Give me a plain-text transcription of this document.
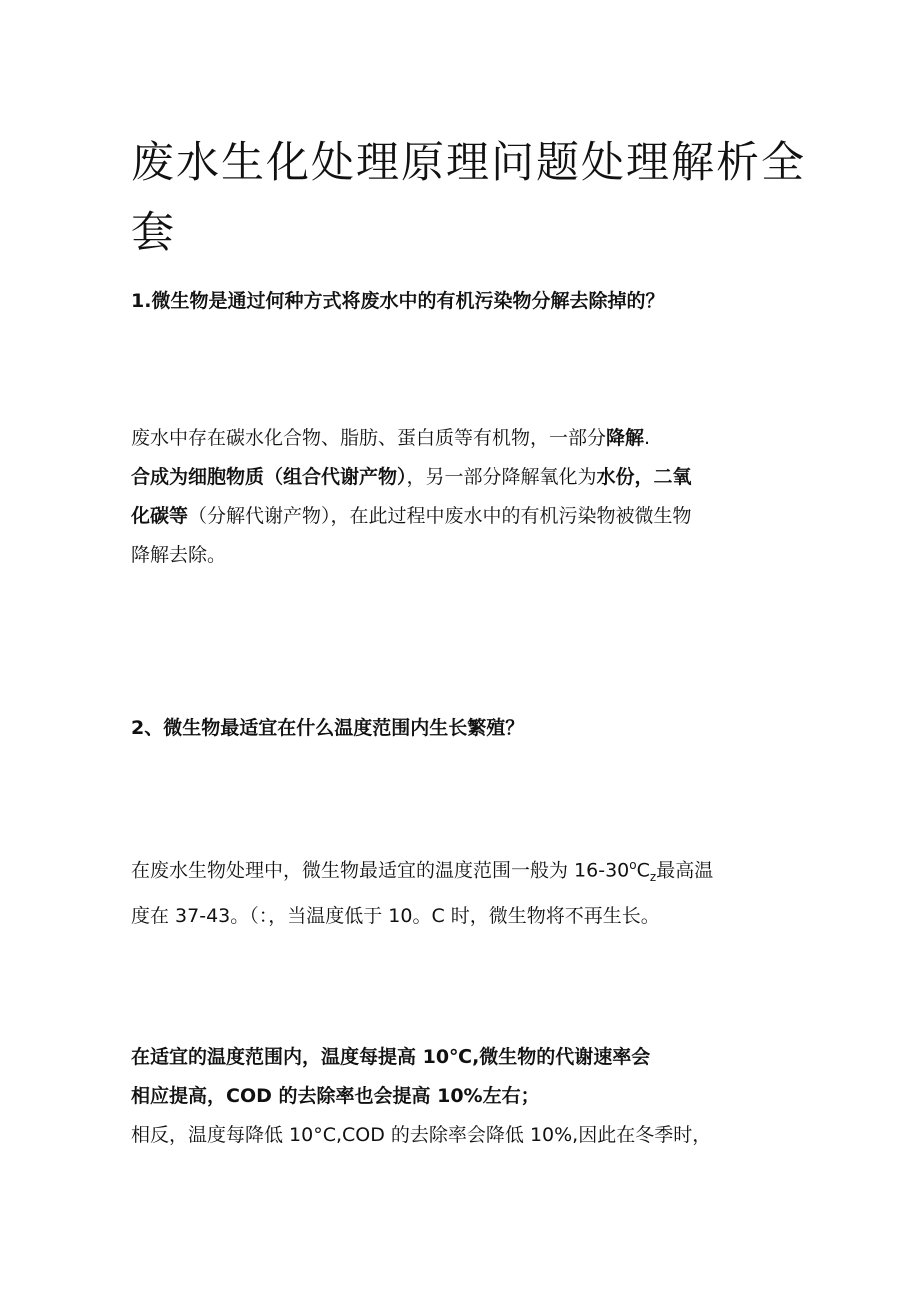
废水生化处理原理问题处理解析全套

1.微生物是通过何种方式将废水中的有机污染物分解去除掉的？

废水中存在碳水化合物、脂肪、蛋白质等有机物，一部分降解.
合成为细胞物质（组合代谢产物），另一部分降解氧化为水份，二氧
化碳等（分解代谢产物），在此过程中废水中的有机污染物被微生物
降解去除。

2、微生物最适宜在什么温度范围内生长繁殖？

在废水生物处理中，微生物最适宜的温度范围一般为 $16-30^oC_z$最高温
度在 37-43。（：，当温度低于 10。C 时，微生物将不再生长。
在适宜的温度范围内，温度每提高 10℃,微生物的代谢速率会
相应提高，COD 的去除率也会提高 10%左右；
相反，温度每降低 10°C,COD 的去除率会降低 10%,因此在冬季时，
